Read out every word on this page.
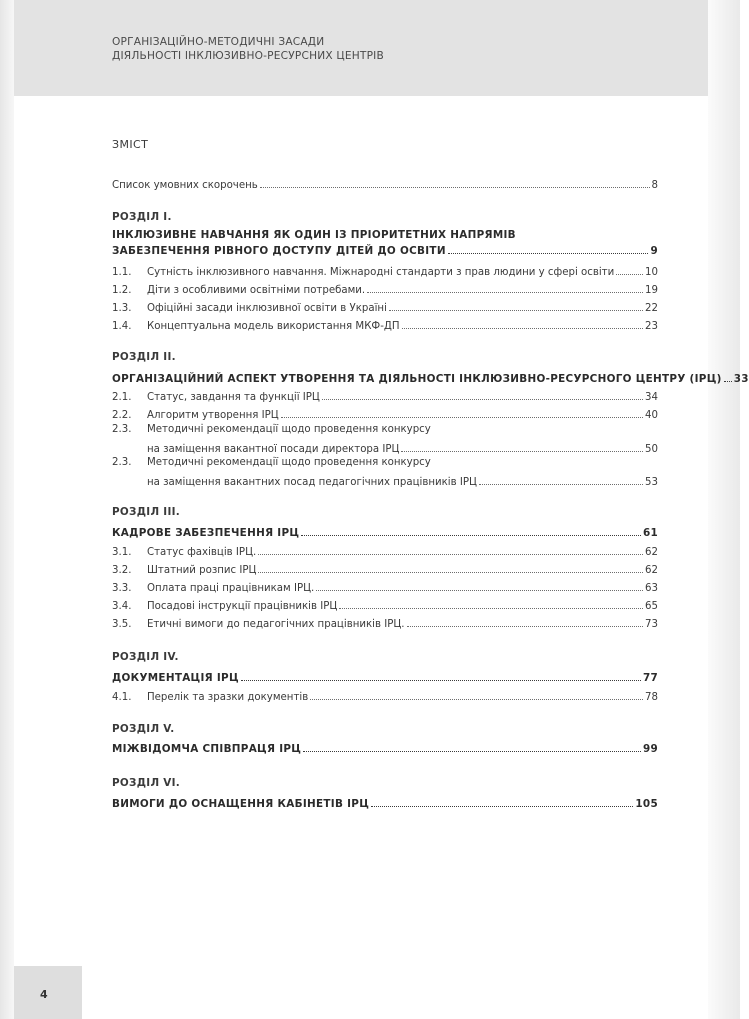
ОРГАНІЗАЦІЙНО-МЕТОДИЧНІ ЗАСАДИ
ДІЯЛЬНОСТІ ІНКЛЮЗИВНО-РЕСУРСНИХ ЦЕНТРІВ
ЗМІСТ
Список умовних скорочень	8
РОЗДІЛ І.
ІНКЛЮЗИВНЕ НАВЧАННЯ ЯК ОДИН ІЗ ПРІОРИТЕТНИХ НАПРЯМІВ
ЗАБЕЗПЕЧЕННЯ РІВНОГО ДОСТУПУ ДІТЕЙ ДО ОСВІТИ	9
1.1.	Сутність інклюзивного навчання. Міжнародні стандарти з прав людини у сфері освіти	10
1.2.	Діти з особливими освітніми потребами.	19
1.3.	Офіційні засади інклюзивної освіти в Україні	22
1.4.	Концептуальна модель використання МКФ-ДП	23
РОЗДІЛ ІІ.
ОРГАНІЗАЦІЙНИЙ АСПЕКТ УТВОРЕННЯ ТА ДІЯЛЬНОСТІ ІНКЛЮЗИВНО-РЕСУРСНОГО ЦЕНТРУ (ІРЦ) 33
2.1.	Статус, завдання та функції ІРЦ	34
2.2.	Алгоритм утворення ІРЦ	40
2.3.	Методичні рекомендації щодо проведення конкурсу
на заміщення вакантної посади директора ІРЦ	50
2.3.	Методичні рекомендації щодо проведення конкурсу
на заміщення вакантних посад педагогічних працівників ІРЦ	53
РОЗДІЛ ІІІ.
КАДРОВЕ ЗАБЕЗПЕЧЕННЯ ІРЦ	61
3.1.	Статус фахівців ІРЦ.	62
3.2.	Штатний розпис ІРЦ	62
3.3.	Оплата праці працівникам ІРЦ.	63
3.4.	Посадові інструкції працівників ІРЦ	65
3.5.	Етичні вимоги до педагогічних працівників ІРЦ.	73
РОЗДІЛ IV.
ДОКУМЕНТАЦІЯ ІРЦ	77
4.1.	Перелік та зразки документів	78
РОЗДІЛ V.
МІЖВІДОМЧА СПІВПРАЦЯ ІРЦ	99
РОЗДІЛ VI.
ВИМОГИ ДО ОСНАЩЕННЯ КАБІНЕТІВ ІРЦ	105
4
